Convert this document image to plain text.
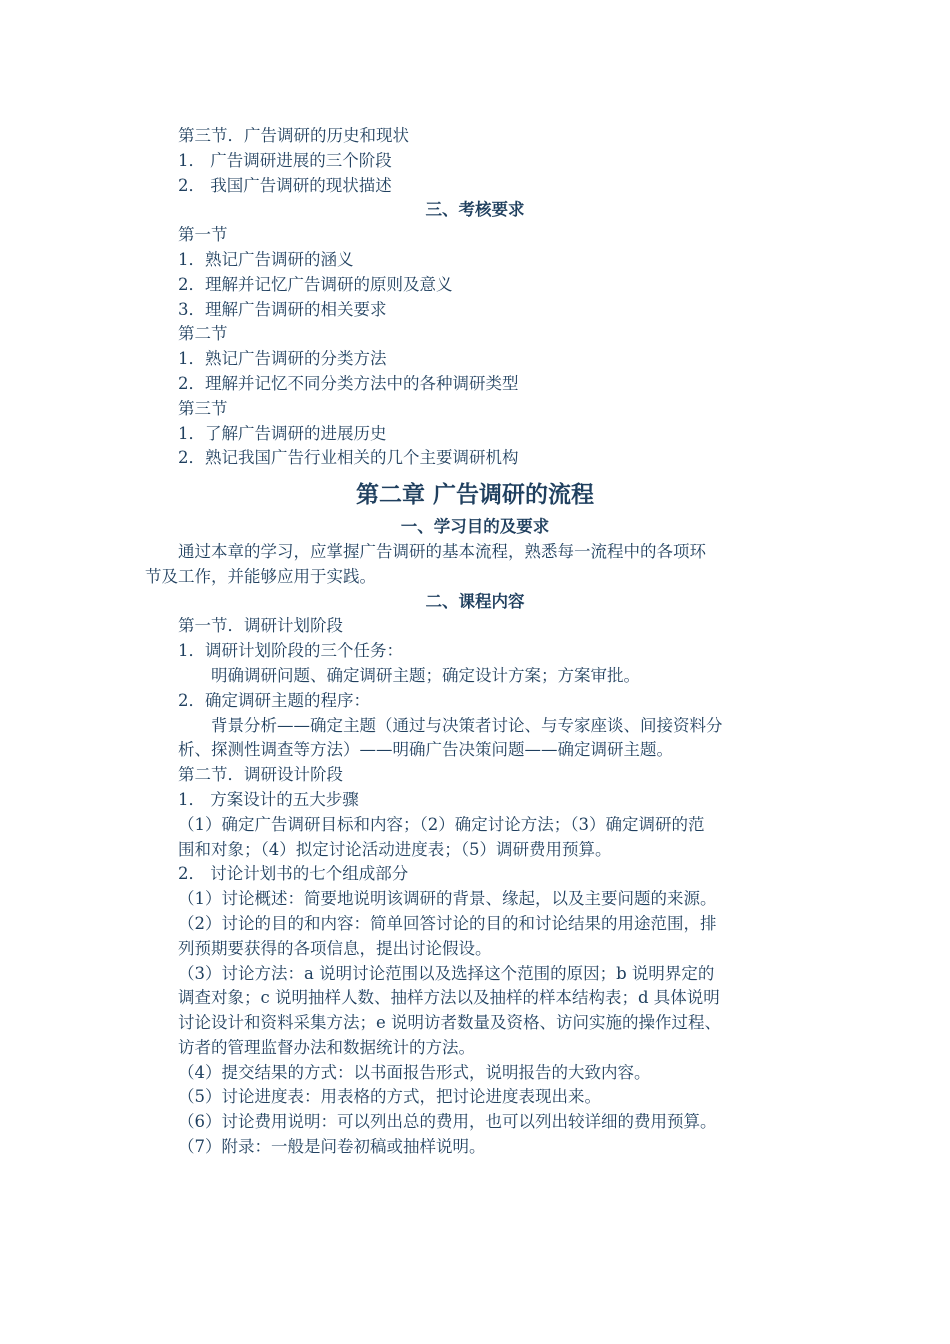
第三节．广告调研的历史和现状
1． 广告调研进展的三个阶段
2． 我国广告调研的现状描述
三、考核要求
第一节
1．熟记广告调研的涵义
2．理解并记忆广告调研的原则及意义
3．理解广告调研的相关要求
第二节
1．熟记广告调研的分类方法
2．理解并记忆不同分类方法中的各种调研类型
第三节
1．了解广告调研的进展历史
2．熟记我国广告行业相关的几个主要调研机构
第二章 广告调研的流程
一、学习目的及要求
通过本章的学习，应掌握广告调研的基本流程，熟悉每一流程中的各项环
节及工作，并能够应用于实践。
二、课程内容
第一节．调研计划阶段
1．调研计划阶段的三个任务：
明确调研问题、确定调研主题；确定设计方案；方案审批。
2．确定调研主题的程序：
背景分析——确定主题（通过与决策者讨论、与专家座谈、间接资料分
析、探测性调查等方法）——明确广告决策问题——确定调研主题。
第二节．调研设计阶段
1． 方案设计的五大步骤
（1）确定广告调研目标和内容；（2）确定讨论方法；（3）确定调研的范
围和对象；（4）拟定讨论活动进度表；（5）调研费用预算。
2． 讨论计划书的七个组成部分
（1）讨论概述：简要地说明该调研的背景、缘起，以及主要问题的来源。
（2）讨论的目的和内容：简单回答讨论的目的和讨论结果的用途范围，排
列预期要获得的各项信息，提出讨论假设。
（3）讨论方法：a 说明讨论范围以及选择这个范围的原因；b 说明界定的
调查对象；c 说明抽样人数、抽样方法以及抽样的样本结构表；d 具体说明
讨论设计和资料采集方法；e 说明访者数量及资格、访问实施的操作过程、
访者的管理监督办法和数据统计的方法。
（4）提交结果的方式：以书面报告形式，说明报告的大致内容。
（5）讨论进度表：用表格的方式，把讨论进度表现出来。
（6）讨论费用说明：可以列出总的费用，也可以列出较详细的费用预算。
（7）附录：一般是问卷初稿或抽样说明。
